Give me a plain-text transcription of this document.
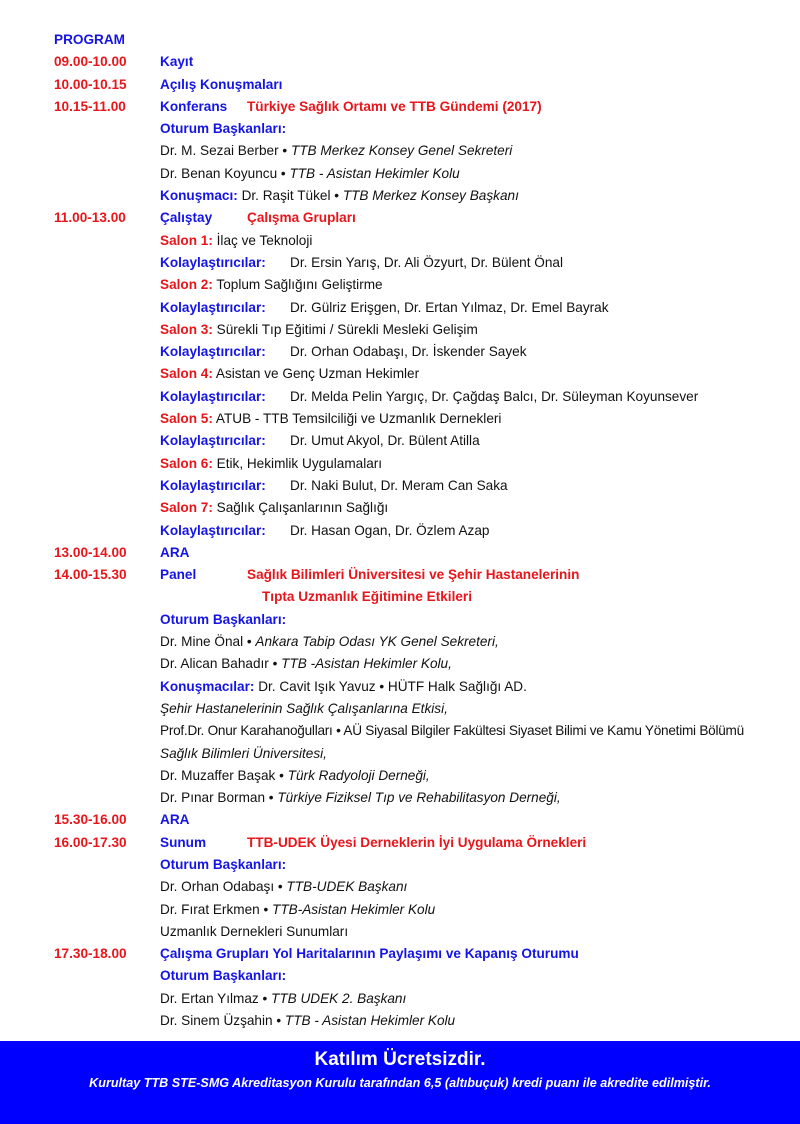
PROGRAM
09.00-10.00 Kayıt
10.00-10.15 Açılış Konuşmaları
10.15-11.00	Konferans Türkiye Sağlık Ortamı ve TTB Gündemi (2017)
Oturum Başkanları:
Dr. M. Sezai Berber • TTB Merkez Konsey Genel Sekreteri
Dr. Benan Koyuncu • TTB - Asistan Hekimler Kolu
Konuşmacı: Dr. Raşit Tükel • TTB Merkez Konsey Başkanı
11.00-13.00	Çalıştay	Çalışma Grupları
Salon 1: İlaç ve Teknoloji
Kolaylaştırıcılar: Dr. Ersin Yarış, Dr. Ali Özyurt, Dr. Bülent Önal
Salon 2: Toplum Sağlığını Geliştirme
Kolaylaştırıcılar: Dr. Gülriz Erişgen, Dr. Ertan Yılmaz, Dr. Emel Bayrak
Salon 3: Sürekli Tıp Eğitimi / Sürekli Mesleki Gelişim
Kolaylaştırıcılar: Dr. Orhan Odabaşı, Dr. İskender Sayek
Salon 4: Asistan ve Genç Uzman Hekimler
Kolaylaştırıcılar: Dr. Melda Pelin Yargıç, Dr. Çağdaş Balcı, Dr. Süleyman Koyunsever
Salon 5: ATUB - TTB Temsilciliği ve Uzmanlık Dernekleri
Kolaylaştırıcılar: Dr. Umut Akyol, Dr. Bülent Atilla
Salon 6: Etik, Hekimlik Uygulamaları
Kolaylaştırıcılar: Dr. Naki Bulut, Dr. Meram Can Saka
Salon 7: Sağlık Çalışanlarının Sağlığı
Kolaylaştırıcılar: Dr. Hasan Ogan, Dr. Özlem Azap
13.00-14.00 ARA
14.00-15.30 Panel	Sağlık Bilimleri Üniversitesi ve Şehir Hastanelerinin
Tıpta Uzmanlık Eğitimine Etkileri
Oturum Başkanları:
Dr. Mine Önal • Ankara Tabip Odası YK Genel Sekreteri,
Dr. Alican Bahadır • TTB -Asistan Hekimler Kolu,
Konuşmacılar: Dr. Cavit Işık Yavuz • HÜTF Halk Sağlığı AD.
Şehir Hastanelerinin Sağlık Çalışanlarına Etkisi,
Prof.Dr. Onur Karahanoğulları • AÜ Siyasal Bilgiler Fakültesi Siyaset Bilimi ve Kamu Yönetimi Bölümü
Sağlık Bilimleri Üniversitesi,
Dr. Muzaffer Başak • Türk Radyoloji Derneği,
Dr. Pınar Borman • Türkiye Fiziksel Tıp ve Rehabilitasyon Derneği,
15.30-16.00 ARA
16.00-17.30 Sunum	TTB-UDEK Üyesi Derneklerin İyi Uygulama Örnekleri
Oturum Başkanları:
Dr. Orhan Odabaşı • TTB-UDEK Başkanı
Dr. Fırat Erkmen • TTB-Asistan Hekimler Kolu
Uzmanlık Dernekleri Sunumları
17.30-18.00 Çalışma Grupları Yol Haritalarının Paylaşımı ve Kapanış Oturumu
Oturum Başkanları:
Dr. Ertan Yılmaz • TTB UDEK 2. Başkanı
Dr. Sinem Üzşahin • TTB - Asistan Hekimler Kolu
Katılım Ücretsizdir.
Kurultay TTB STE-SMG Akreditasyon Kurulu tarafından 6,5 (altıbuçuk) kredi puanı ile akredite edilmiştir.
